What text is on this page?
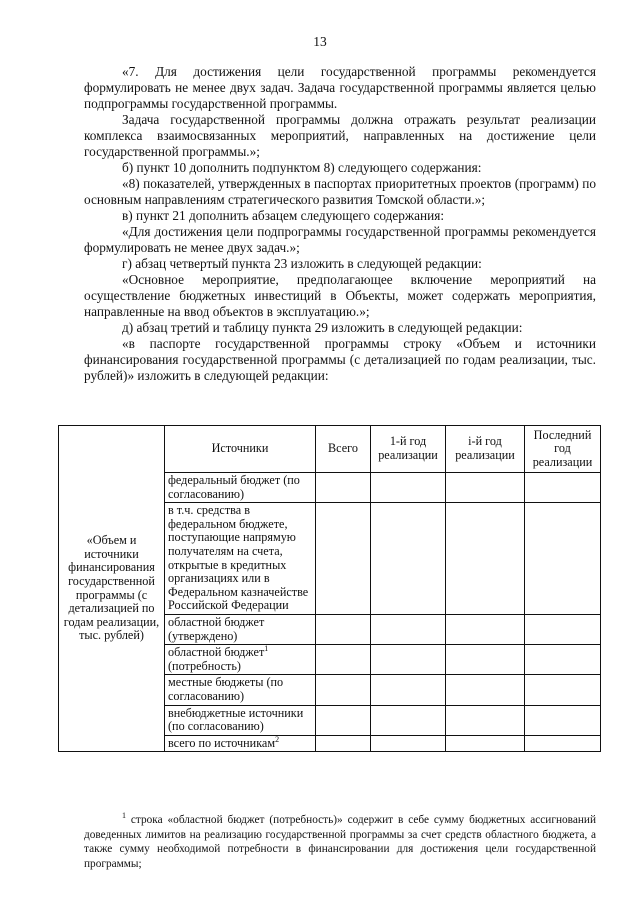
13

«7. Для достижения цели государственной программы рекомендуется формулировать не менее двух задач. Задача государственной программы является целью подпрограммы государственной программы.

Задача государственной программы должна отражать результат реализации комплекса взаимосвязанных мероприятий, направленных на достижение цели государственной программы.»;

б) пункт 10 дополнить подпунктом 8) следующего содержания:

«8) показателей, утвержденных в паспортах приоритетных проектов (программ) по основным направлениям стратегического развития Томской области.»;

в) пункт 21 дополнить абзацем следующего содержания:

«Для достижения цели подпрограммы государственной программы рекомендуется формулировать не менее двух задач.»;

г) абзац четвертый пункта 23 изложить в следующей редакции:

«Основное мероприятие, предполагающее включение мероприятий на осуществление бюджетных инвестиций в Объекты, может содержать мероприятия, направленные на ввод объектов в эксплуатацию.»;

д) абзац третий и таблицу пункта 29 изложить в следующей редакции:

«в паспорте государственной программы строку «Объем и источники финансирования государственной программы (с детализацией по годам реализации, тыс. рублей)» изложить в следующей редакции:

«Объем и источники финансирования государственной программы (с детализацией по годам реализации, тыс. рублей)	Источники	Всего	1-й год реализации	i-й год реализации	Последний год реализации
	федеральный бюджет (по согласованию)				
	в т.ч. средства в федеральном бюджете, поступающие напрямую получателям на счета, открытые в кредитных организациях или в Федеральном казначействе Российской Федерации				
	областной бюджет (утверждено)				
	областной бюджет$^1$ (потребность)				
	местные бюджеты (по согласованию)				
	внебюджетные источники (по согласованию)				
	всего по источникам$^2$				
$^1$ строка «областной бюджет (потребность)» содержит в себе сумму бюджетных ассигнований доведенных лимитов на реализацию государственной программы за счет средств областного бюджета, а также сумму необходимой потребности в финансировании для достижения цели государственной программы;
